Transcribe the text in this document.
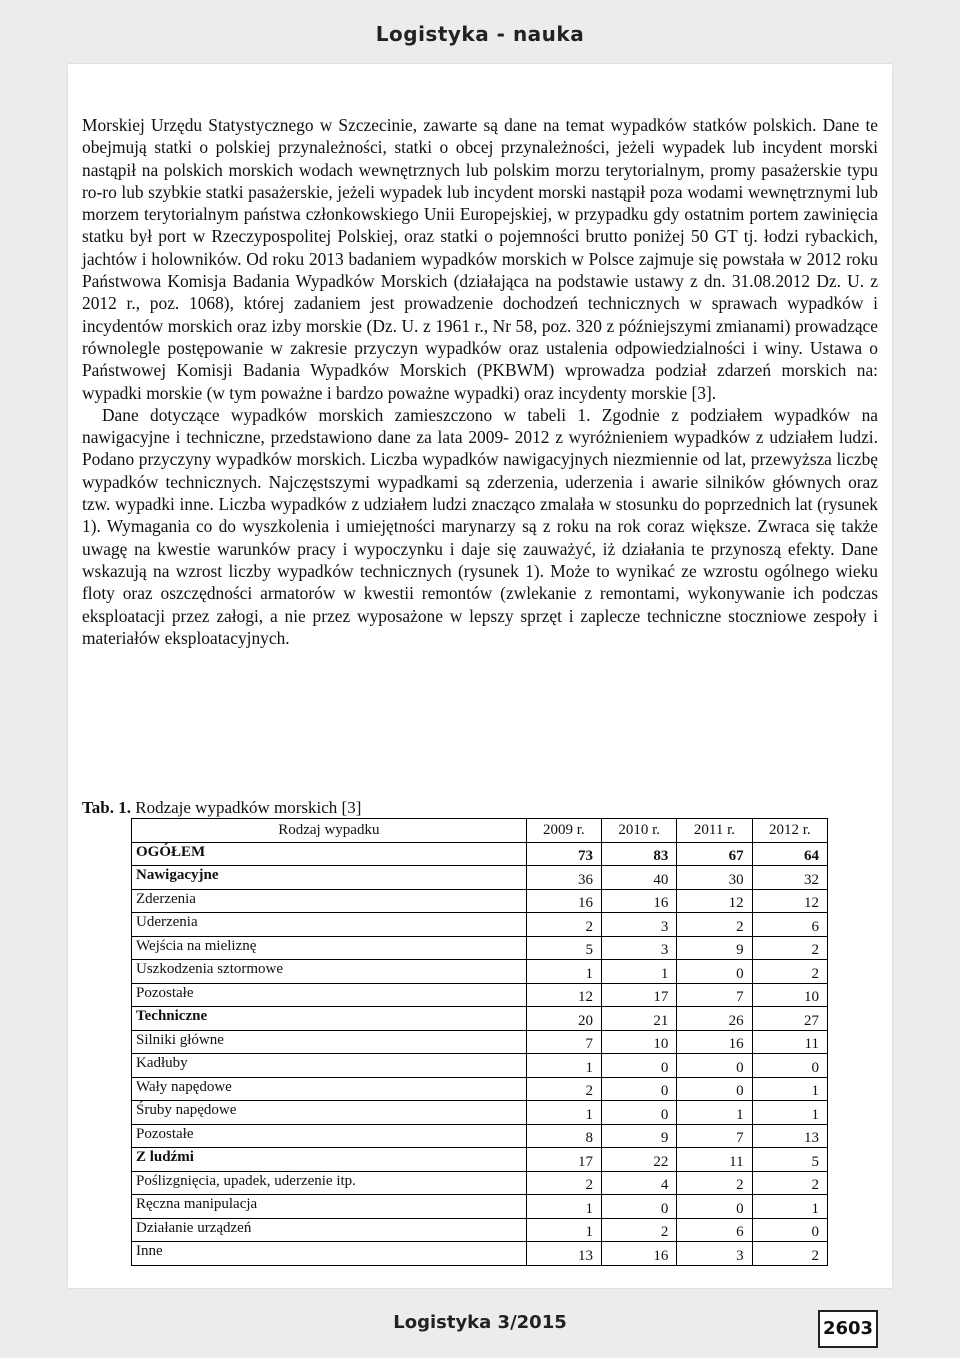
Logistyka - nauka

Morskiej Urzędu Statystycznego w Szczecinie, zawarte są dane na temat wypadków statków polskich. Dane te obejmują statki o polskiej przynależności, statki o obcej przynależności, jeżeli wypadek lub incydent morski nastąpił na polskich morskich wodach wewnętrznych lub polskim morzu terytorialnym, promy pasażerskie typu ro-ro lub szybkie statki pasażerskie, jeżeli wypadek lub incydent morski nastąpił poza wodami wewnętrznymi lub morzem terytorialnym państwa członkowskiego Unii Europejskiej, w przypadku gdy ostatnim portem zawinięcia statku był port w Rzeczypospolitej Polskiej, oraz statki o pojemności brutto poniżej 50 GT tj. łodzi rybackich, jachtów i holowników. Od roku 2013 badaniem wypadków morskich w Polsce zajmuje się powstała w 2012 roku Państwowa Komisja Badania Wypadków Morskich (działająca na podstawie ustawy z dn. 31.08.2012 Dz. U. z 2012 r., poz. 1068), której zadaniem jest prowadzenie dochodzeń technicznych w sprawach wypadków i incydentów morskich oraz izby morskie (Dz. U. z 1961 r., Nr 58, poz. 320 z późniejszymi zmianami) prowadzące równolegle postępowanie w zakresie przyczyn wypadków oraz ustalenia odpowiedzialności i winy. Ustawa o Państwowej Komisji Badania Wypadków Morskich (PKBWM) wprowadza podział zdarzeń morskich na: wypadki morskie (w tym poważne i bardzo poważne wypadki) oraz incydenty morskie [3].

Dane dotyczące wypadków morskich zamieszczono w tabeli 1. Zgodnie z podziałem wypadków na nawigacyjne i techniczne, przedstawiono dane za lata 2009- 2012 z wyróżnieniem wypadków z udziałem ludzi. Podano przyczyny wypadków morskich. Liczba wypadków nawigacyjnych niezmiennie od lat, przewyższa liczbę wypadków technicznych. Najczęstszymi wypadkami są zderzenia, uderzenia i awarie silników głównych oraz tzw. wypadki inne. Liczba wypadków z udziałem ludzi znacząco zmalała w stosunku do poprzednich lat (rysunek 1). Wymagania co do wyszkolenia i umiejętności marynarzy są z roku na rok coraz większe. Zwraca się także uwagę na kwestie warunków pracy i wypoczynku i daje się zauważyć, iż działania te przynoszą efekty. Dane wskazują na wzrost liczby wypadków technicznych (rysunek 1). Może to wynikać ze wzrostu ogólnego wieku floty oraz oszczędności armatorów w kwestii remontów (zwlekanie z remontami, wykonywanie ich podczas eksploatacji przez załogi, a nie przez wyposażone w lepszy sprzęt i zaplecze techniczne stoczniowe zespoły i materiałów eksploatacyjnych.

Tab. 1. Rodzaje wypadków morskich [3]
Rodzaj wypadku	2009 r.	2010 r.	2011 r.	2012 r.
OGÓŁEM	73	83	67	64
Nawigacyjne	36	40	30	32
Zderzenia	16	16	12	12
Uderzenia	2	3	2	6
Wejścia na mieliznę	5	3	9	2
Uszkodzenia sztormowe	1	1	0	2
Pozostałe	12	17	7	10
Techniczne	20	21	26	27
Silniki główne	7	10	16	11
Kadłuby	1	0	0	0
Wały napędowe	2	0	0	1
Śruby napędowe	1	0	1	1
Pozostałe	8	9	7	13
Z ludźmi	17	22	11	5
Poślizgnięcia, upadek, uderzenie itp.	2	4	2	2
Ręczna manipulacja	1	0	0	1
Działanie urządzeń	1	2	6	0
Inne	13	16	3	2
Logistyka 3/2015	2603
